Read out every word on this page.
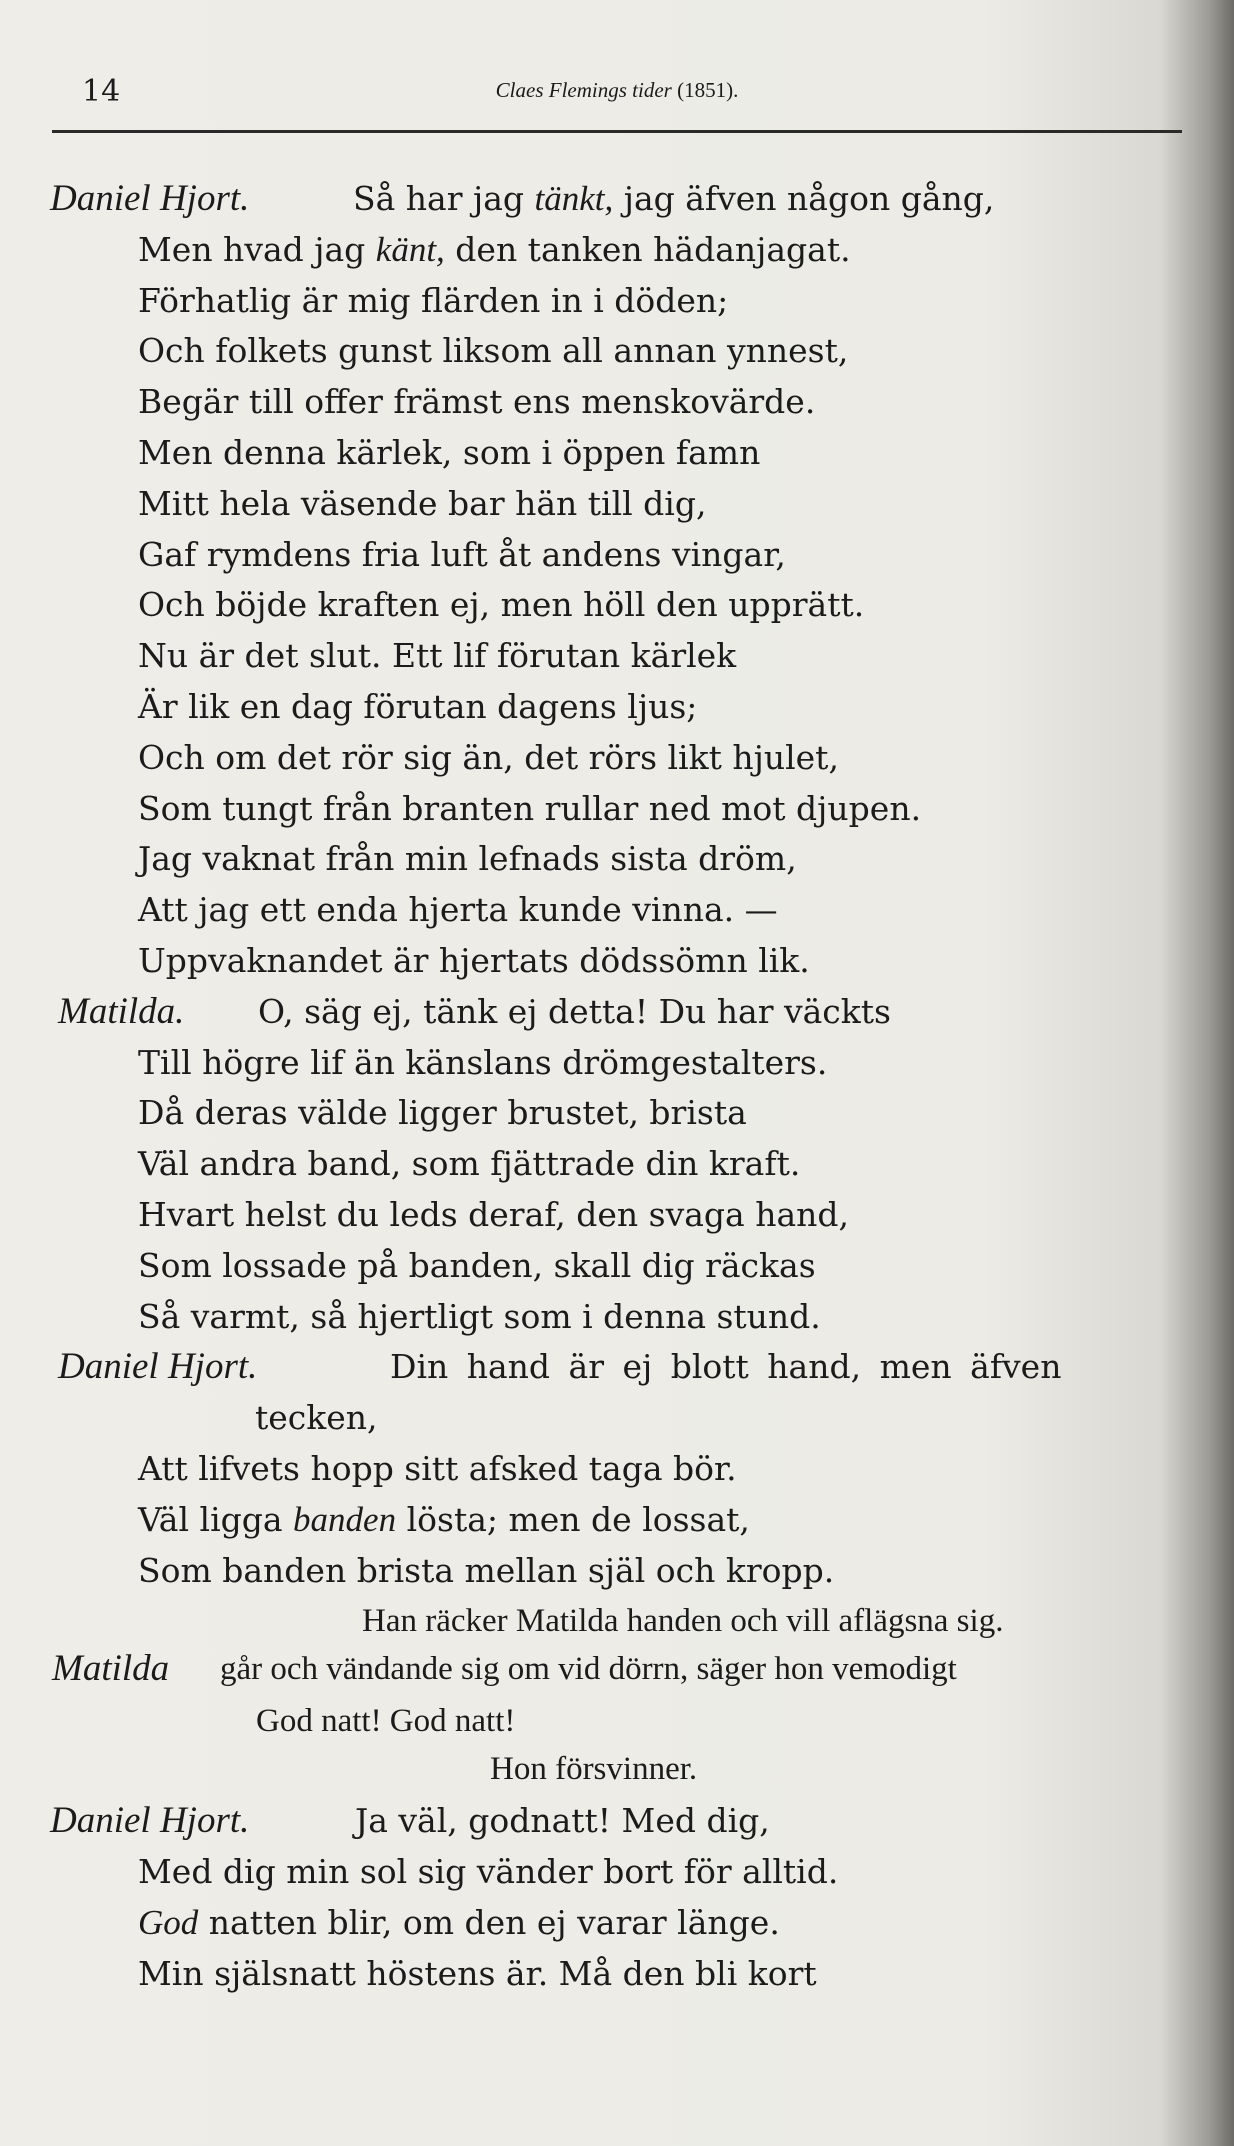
14	Claes Flemings tider (1851).
Daniel Hjort.	Så har jag tänkt, jag äfven någon gång,
Men hvad jag känt, den tanken hädanjagat.
Förhatlig är mig flärden in i döden;
Och folkets gunst liksom all annan ynnest,
Begär till offer främst ens menskovärde.
Men denna kärlek, som i öppen famn
Mitt hela väsende bar hän till dig,
Gaf rymdens fria luft åt andens vingar,
Och böjde kraften ej, men höll den upprätt.
Nu är det slut. Ett lif förutan kärlek
Är lik en dag förutan dagens ljus;
Och om det rör sig än, det rörs likt hjulet,
Som tungt från branten rullar ned mot djupen.
Jag vaknat från min lefnads sista dröm,
Att jag ett enda hjerta kunde vinna. —
Uppvaknandet är hjertats dödssömn lik.
Matilda. O, säg ej, tänk ej detta! Du har väckts
Till högre lif än känslans drömgestalters.
Då deras välde ligger brustet, brista
Väl andra band, som fjättrade din kraft.
Hvart helst du leds deraf, den svaga hand,
Som lossade på banden, skall dig räckas
Så varmt, så hjertligt som i denna stund.
Daniel Hjort.	Din hand är ej blott hand, men äfven
tecken,
Att lifvets hopp sitt afsked taga bör.
Väl ligga banden lösta; men de lossat,
Som banden brista mellan själ och kropp.
Han räcker Matilda handen och vill aflägsna sig.
Matilda går och vändande sig om vid dörrn, säger hon vemodigt
God natt! God natt!
Hon försvinner.
Daniel Hjort.	Ja väl, godnatt! Med dig,
Med dig min sol sig vänder bort för alltid.
God natten blir, om den ej varar länge.
Min själsnatt höstens är. Må den bli kort
